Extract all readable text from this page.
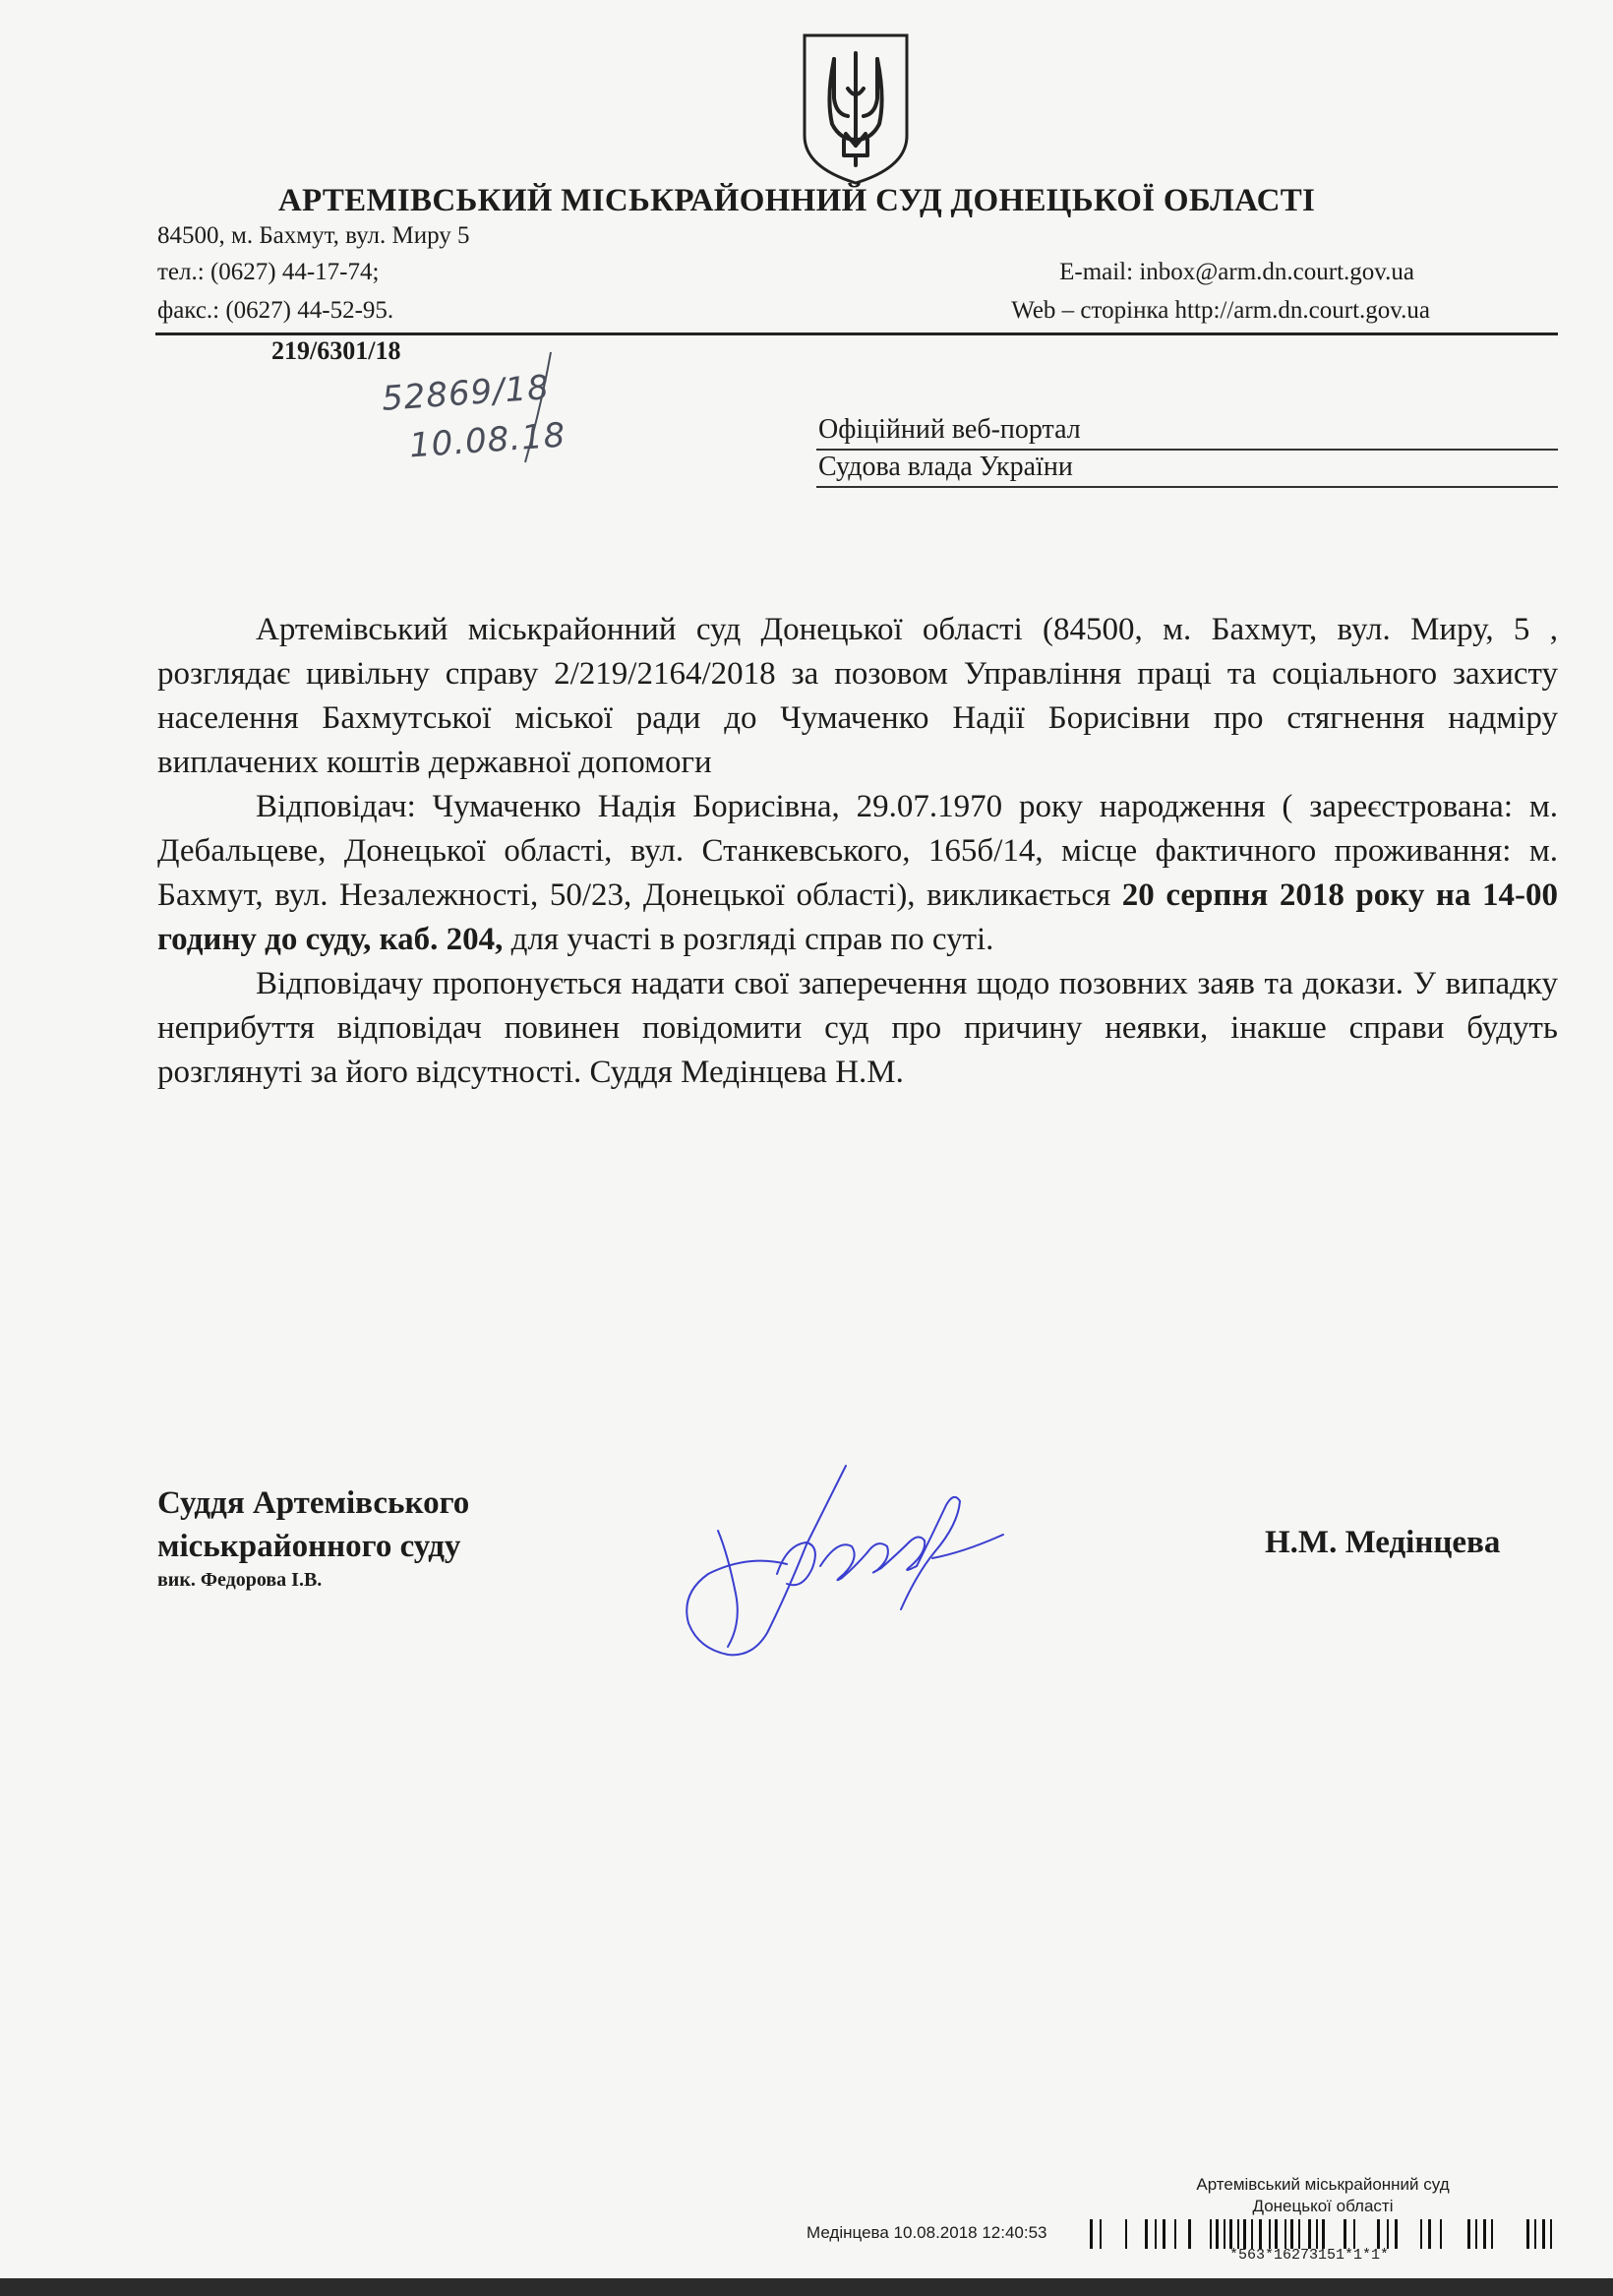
АРТЕМІВСЬКИЙ МІСЬКРАЙОННИЙ СУД ДОНЕЦЬКОЇ ОБЛАСТІ
84500, м. Бахмут, вул. Миру 5
тел.: (0627) 44-17-74;
факс.: (0627) 44-52-95.
E-mail: inbox@arm.dn.court.gov.ua
Web – сторінка http://arm.dn.court.gov.ua
219/6301/18
52869/18
10.08.18	Офіційний веб-портал
Судова влада України

Артемівський міськрайонний суд Донецької області (84500, м. Бахмут, вул. Миру, 5 , розглядає цивільну справу 2/219/2164/2018 за позовом Управління праці та соціального захисту населення Бахмутської міської ради до Чумаченко Надії Борисівни про стягнення надміру виплачених коштів державної допомоги

Відповідач: Чумаченко Надія Борисівна, 29.07.1970 року народження ( зареєстрована: м. Дебальцеве, Донецької області, вул. Станкевського, 165б/14, місце фактичного проживання: м. Бахмут, вул. Незалежності, 50/23, Донецької області), викликається 20 серпня 2018 року на 14-00 годину до суду, каб. 204, для участі в розгляді справ по суті.

Відповідачу пропонується надати свої заперечення щодо позовних заяв та докази. У випадку неприбуття відповідач повинен повідомити суд про причину неявки, інакше справи будуть розглянуті за його відсутності. Суддя Медінцева Н.М.

Суддя Артемівського
міськрайонного суду
вик. Федорова І.В.
Н.М. Медінцева
Артемівський міськрайонний суд
Донецької області
Медінцева 10.08.2018 12:40:53
*563*16273151*1*1*
